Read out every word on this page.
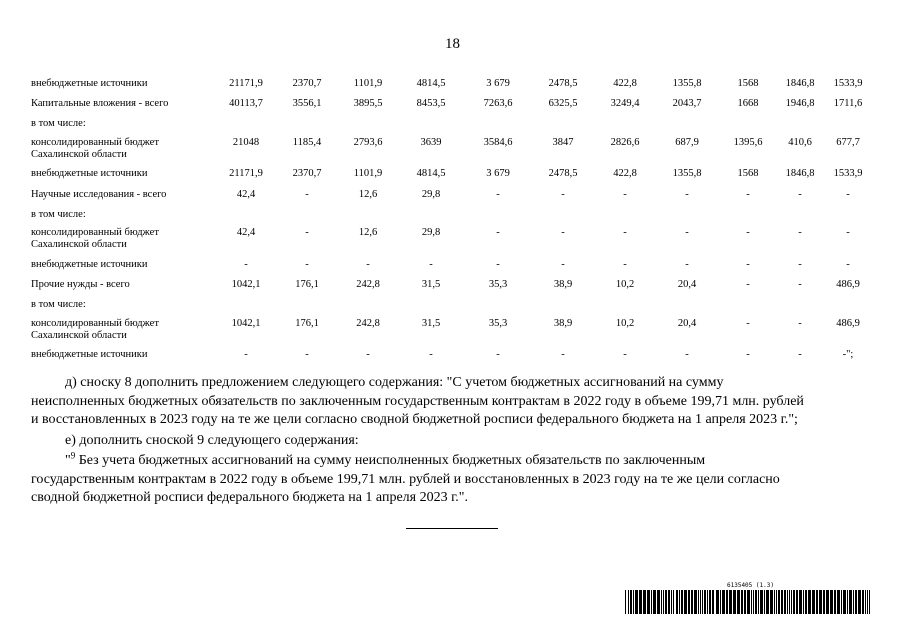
18
внебюджетные источники	21171,9	2370,7	1101,9	4814,5	3 679	2478,5	422,8	1355,8	1568	1846,8	1533,9
Капитальные вложения - всего	40113,7	3556,1	3895,5	8453,5	7263,6	6325,5	3249,4	2043,7	1668	1946,8	1711,6
в том числе:
консолидированный бюджет
Сахалинской области
21048	1185,4	2793,6	3639	3584,6	3847	2826,6	687,9	1395,6	410,6	677,7
внебюджетные источники	21171,9	2370,7	1101,9	4814,5	3 679	2478,5	422,8	1355,8	1568	1846,8	1533,9
Научные исследования - всего	42,4	-	12,6	29,8	-	-	-	-	-	-	-
в том числе:
консолидированный бюджет
Сахалинской области
42,4	-	12,6	29,8	-	-	-	-	-	-	-
внебюджетные источники	-	-	-	-	-	-	-	-	-	-	-
Прочие нужды - всего	1042,1	176,1	242,8	31,5	35,3	38,9	10,2	20,4	-	-	486,9
в том числе:
консолидированный бюджет
Сахалинской области
1042,1	176,1	242,8	31,5	35,3	38,9	10,2	20,4	-	-	486,9
внебюджетные источники	-	-	-	-	-	-	-	-	-	-	-";
д) сноску 8 дополнить предложением следующего содержания: "С учетом бюджетных ассигнований на сумму
неисполненных бюджетных обязательств по заключенным государственным контрактам в 2022 году в объеме 199,71 млн. рублей
и восстановленных в 2023 году на те же цели согласно сводной бюджетной росписи федерального бюджета на 1 апреля 2023 г.";
е) дополнить сноской 9 следующего содержания:
"$^9$ Без учета бюджетных ассигнований на сумму неисполненных бюджетных обязательств по заключенным
государственным контрактам в 2022 году в объеме 199,71 млн. рублей и восстановленных в 2023 году на те же цели согласно
сводной бюджетной росписи федерального бюджета на 1 апреля 2023 г.".
6135405 (1.3)
